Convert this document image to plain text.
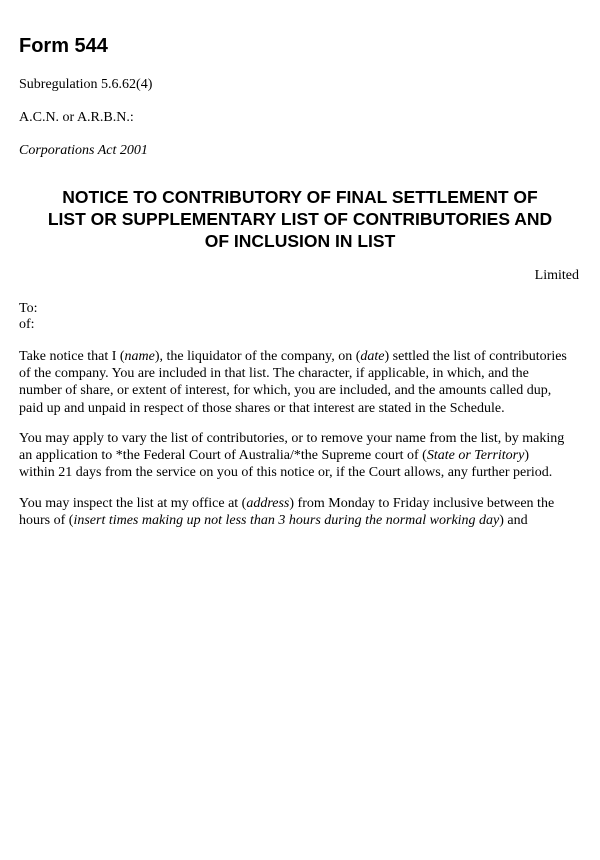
Form 544

Subregulation 5.6.62(4)

A.C.N. or A.R.B.N.:

Corporations Act 2001

NOTICE TO CONTRIBUTORY OF FINAL SETTLEMENT OF
LIST OR SUPPLEMENTARY LIST OF CONTRIBUTORIES AND
OF INCLUSION IN LIST

Limited

To:

of:

Take notice that I (name), the liquidator of the company, on (date) settled the list of contributories
of the company. You are included in that list. The character, if applicable, in which, and the
number of share, or extent of interest, for which, you are included, and the amounts called dup,
paid up and unpaid in respect of those shares or that interest are stated in the Schedule.

You may apply to vary the list of contributories, or to remove your name from the list, by making
an application to *the Federal Court of Australia/*the Supreme court of (State or Territory)
within 21 days from the service on you of this notice or, if the Court allows, any further period.

You may inspect the list at my office at (address) from Monday to Friday inclusive between the
hours of (insert times making up not less than 3 hours during the normal working day) and
